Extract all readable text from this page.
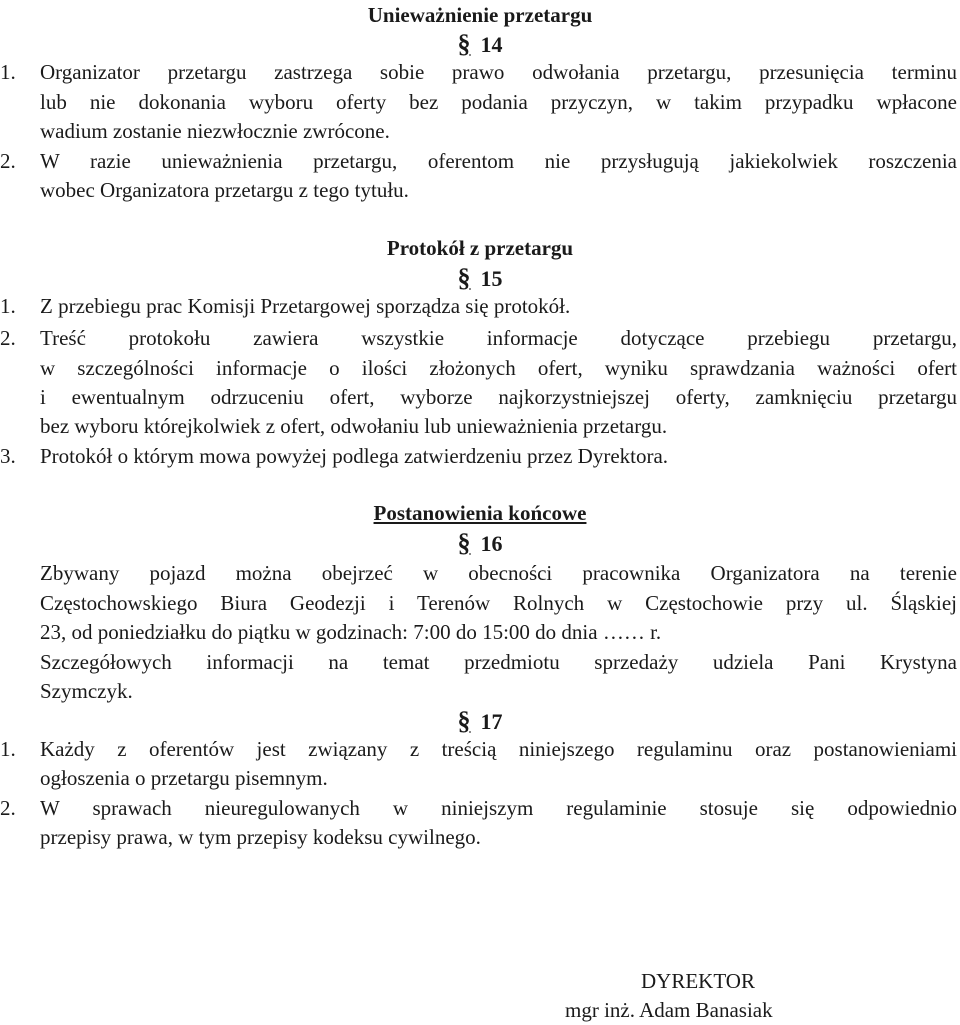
Unieważnienie przetargu
§ 14
1.	Organizator przetargu zastrzega sobie prawo odwołania przetargu, przesunięcia terminu
lub nie dokonania wyboru oferty bez podania przyczyn, w takim przypadku wpłacone
wadium zostanie niezwłocznie zwrócone.
2.	W razie unieważnienia przetargu, oferentom nie przysługują jakiekolwiek roszczenia
wobec Organizatora przetargu z tego tytułu.
Protokół z przetargu
§ 15
1.	Z przebiegu prac Komisji Przetargowej sporządza się protokół.
2.	Treść protokołu zawiera wszystkie informacje dotyczące przebiegu przetargu,
w szczególności informacje o ilości złożonych ofert, wyniku sprawdzania ważności ofert
i ewentualnym odrzuceniu ofert, wyborze najkorzystniejszej oferty, zamknięciu przetargu
bez wyboru którejkolwiek z ofert, odwołaniu lub unieważnienia przetargu.
3.	Protokół o którym mowa powyżej podlega zatwierdzeniu przez Dyrektora.
Postanowienia końcowe
§ 16
Zbywany pojazd można obejrzeć w obecności pracownika Organizatora na terenie
Częstochowskiego Biura Geodezji i Terenów Rolnych w Częstochowie przy ul. Śląskiej
23, od poniedziałku do piątku w godzinach: 7:00 do 15:00 do dnia …… r.
Szczegółowych informacji na temat przedmiotu sprzedaży udziela Pani Krystyna
Szymczyk.
§ 17
1.	Każdy z oferentów jest związany z treścią niniejszego regulaminu oraz postanowieniami
ogłoszenia o przetargu pisemnym.
2.	W sprawach nieuregulowanych w niniejszym regulaminie stosuje się odpowiednio
przepisy prawa, w tym przepisy kodeksu cywilnego.
DYREKTOR
mgr inż. Adam Banasiak
